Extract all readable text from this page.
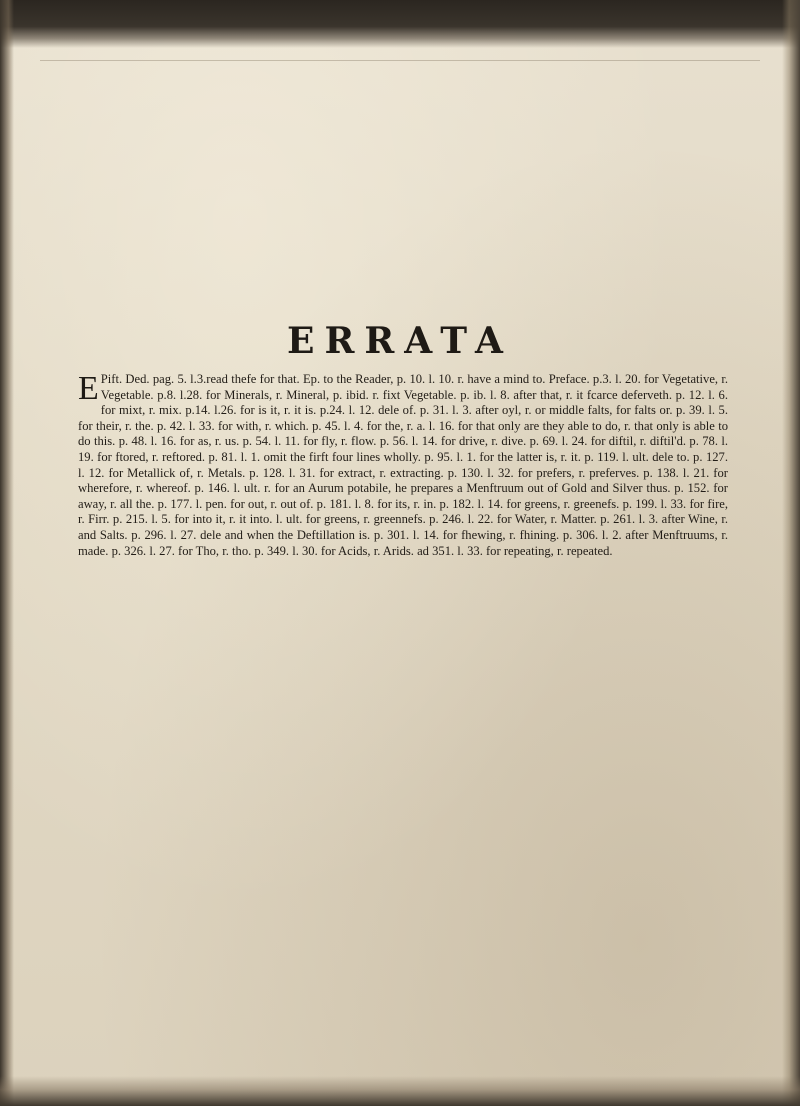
ERRATA

E Pift. Ded. pag. 5. l.3.read thefe for that. Ep. to the Reader, p. 10. l. 10. r. have a mind to. Preface. p.3. l. 20. for Vegetative, r. Vegetable. p.8. l.28. for Minerals, r. Mineral, p. ibid. r. fixt Vegetable. p. ib. l. 8. after that, r. it fcarce deferveth. p. 12. l. 6. for mixt, r. mix. p.14. l.26. for is it, r. it is. p.24. l. 12. dele of. p. 31. l. 3. after oyl, r. or middle falts, for falts or. p. 39. l. 5. for their, r. the. p. 42. l. 33. for with, r. which. p. 45. l. 4. for the, r. a. l. 16. for that only are they able to do, r. that only is able to do this. p. 48. l. 16. for as, r. us. p. 54. l. 11. for fly, r. flow. p. 56. l. 14. for drive, r. dive. p. 69. l. 24. for diftil, r. diftil'd. p. 78. l. 19. for ftored, r. reftored. p. 81. l. 1. omit the firft four lines wholly. p. 95. l. 1. for the latter is, r. it. p. 119. l. ult. dele to. p. 127. l. 12. for Metallick of, r. Metals. p. 128. l. 31. for extract, r. extracting. p. 130. l. 32. for prefers, r. preferves. p. 138. l. 21. for wherefore, r. whereof. p. 146. l. ult. r. for an Aurum potabile, he prepares a Menftruum out of Gold and Silver thus. p. 152. for away, r. all the. p. 177. l. pen. for out, r. out of. p. 181. l. 8. for its, r. in. p. 182. l. 14. for greens, r. greenefs. p. 199. l. 33. for fire, r. Firr. p. 215. l. 5. for into it, r. it into. l. ult. for greens, r. greennefs. p. 246. l. 22. for Water, r. Matter. p. 261. l. 3. after Wine, r. and Salts. p. 296. l. 27. dele and when the Deftillation is. p. 301. l. 14. for fhewing, r. fhining. p. 306. l. 2. after Menftruums, r. made. p. 326. l. 27. for Tho, r. tho. p. 349. l. 30. for Acids, r. Arids. ad 351. l. 33. for repeating, r. repeated.
